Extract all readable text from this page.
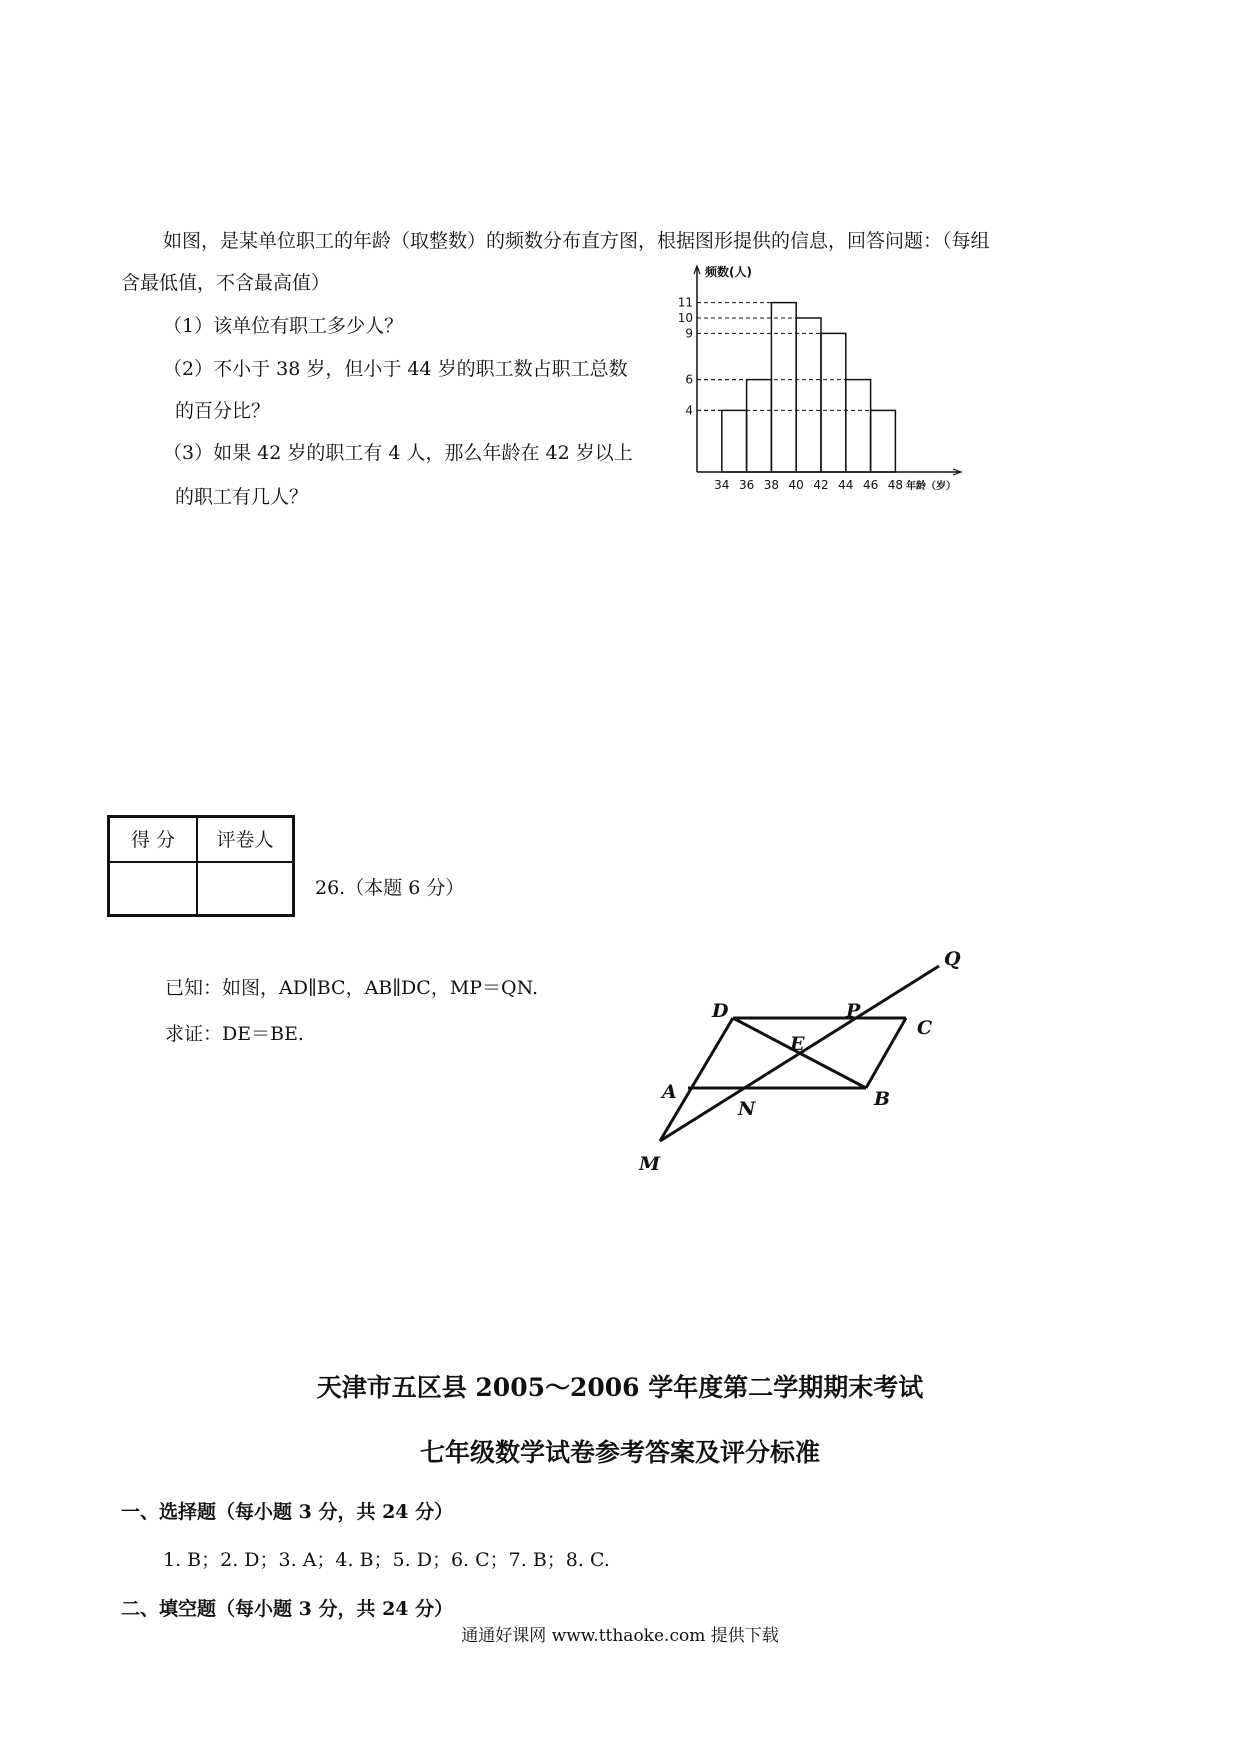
如图，是某单位职工的年龄（取整数）的频数分布直方图，根据图形提供的信息，回答问题：（每组
含最低值，不含最高值）
（1）该单位有职工多少人？
（2）不小于 38 岁，但小于 44 岁的职工数占职工总数
的百分比？
（3）如果 42 岁的职工有 4 人，那么年龄在 42 岁以上
的职工有几人？
4
6
9
10
11
34 36 38 40 42 44 46 48
频数(人)
年龄（岁）
得 分	评卷人
26.（本题 6 分）
已知：如图，AD∥BC，AB∥DC，MP＝QN.
求证：DE＝BE.
Q
D	P
C
E
A
N	B
M
天津市五区县 2005～2006 学年度第二学期期末考试
七年级数学试卷参考答案及评分标准
一、选择题（每小题 3 分，共 24 分）
1. B；2. D；3. A；4. B；5. D；6. C；7. B；8. C.
二、填空题（每小题 3 分，共 24 分）
通通好课网 www.tthaoke.com 提供下载
